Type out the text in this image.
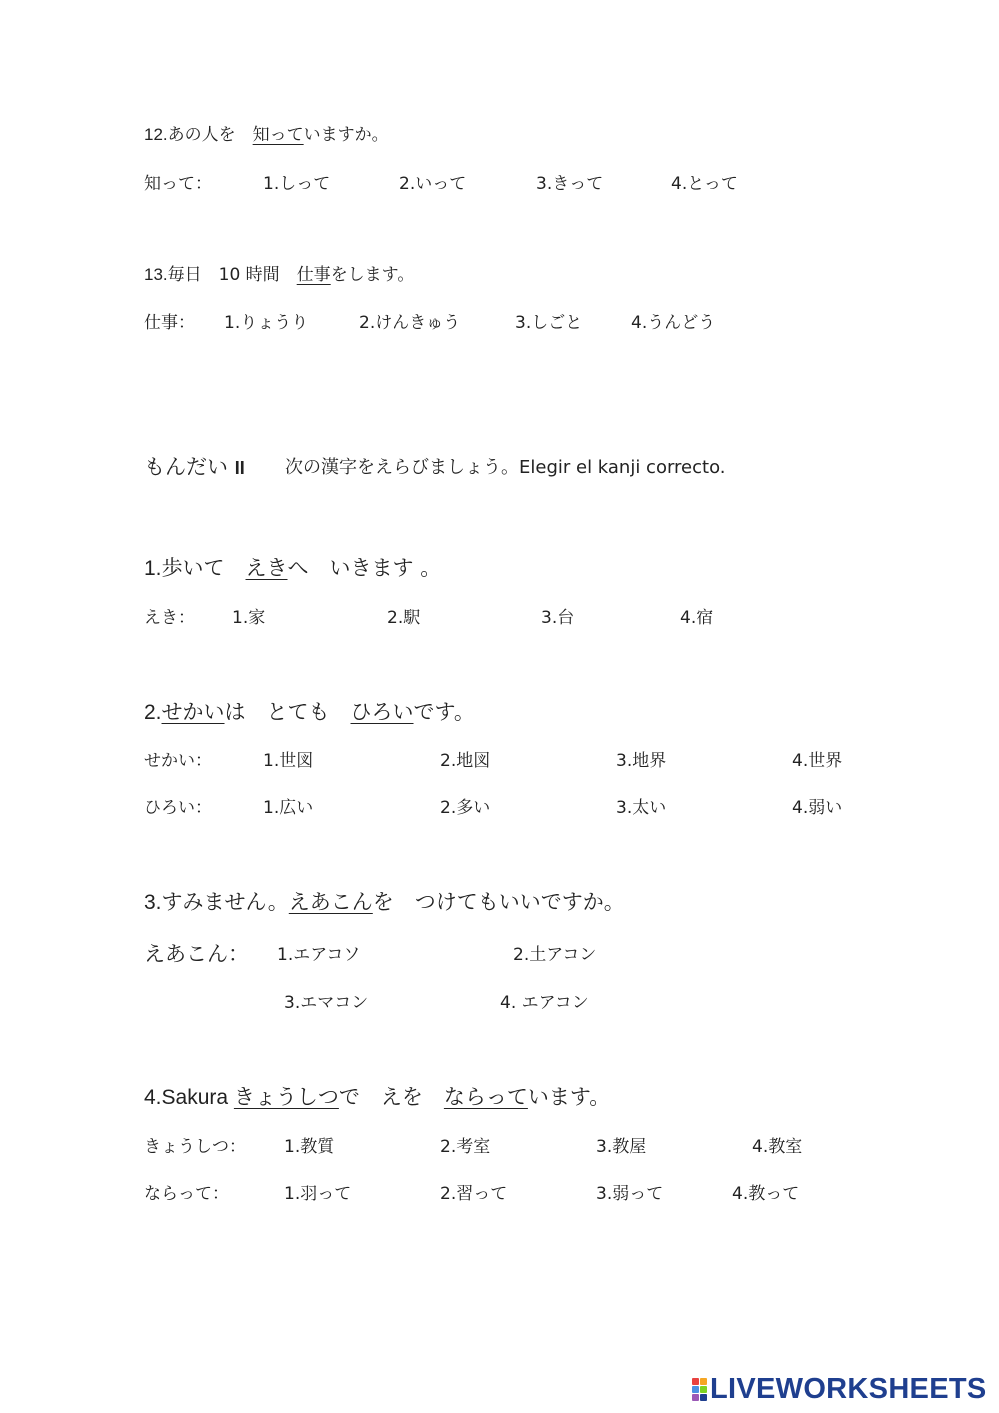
12.あの人を　知っていますか。
知って：	1.しって	2.いって	3.きって	4.とって
13.毎日　10 時間　仕事をします。
仕事： 1.りょうり	2.けんきゅう	3.しごと	4.うんどう
もんだい II 次の漢字をえらびましょう。Elegir el kanji correcto.
1.歩いて　えきへ　いきます 。
えき： 1.家	2.駅	3.台	4.宿
2.せかいは　とても　ひろいです。
せかい：	1.世図	2.地図	3.地界	4.世界
ひろい：	1.広い	2.多い	3.太い	4.弱い
3.すみません。えあこんを　つけてもいいですか。
えあこん： 1.エアコソ	2.土アコン
3.エマコン	4. エアコン
4.Sakura きょうしつで　えを　ならっています。
きょうしつ： 1.教質	2.考室	3.教屋	4.教室
ならって：	1.羽って	2.習って	3.弱って	4.教って
LIVEWORKSHEETS
